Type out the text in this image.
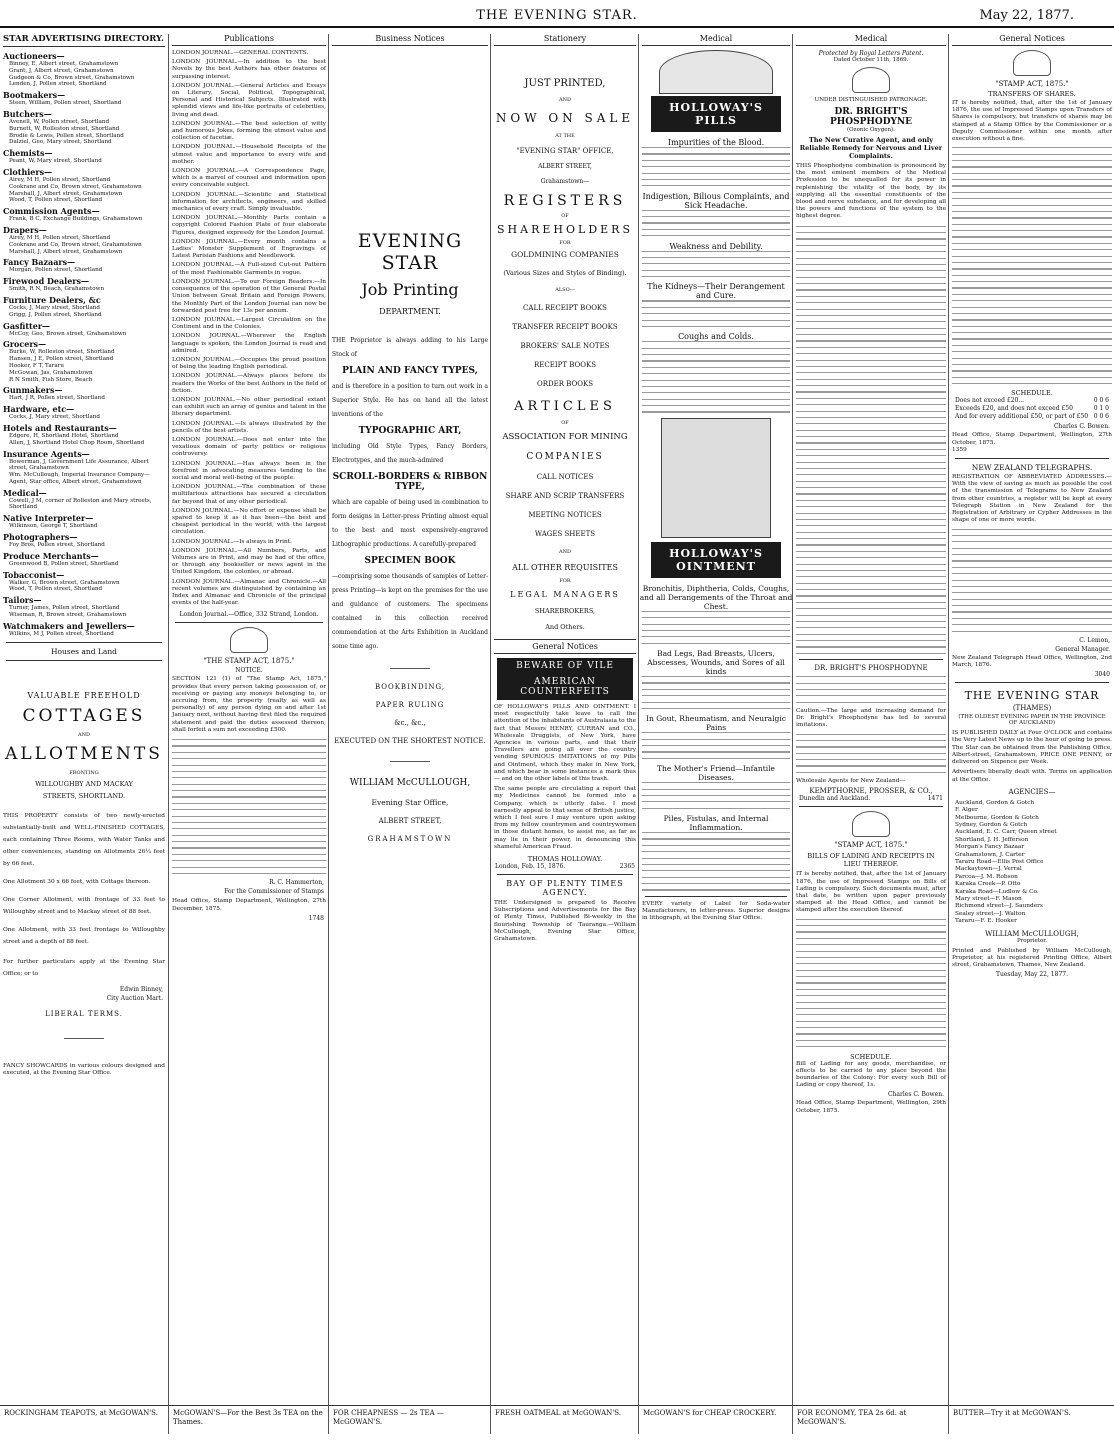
THE EVENING STAR.	May 22, 1877.
STAR ADVERTISING DIRECTORY.
Auctioneers—
Binney, E, Albert street, Grahamstown
Grant, J, Albert street, Grahamstown
Gudgeon & Co, Brown street, Grahamstown
Lenden, J, Pollen street, Shortland
Bootmakers—
Steen, William, Pollen street, Shortland
Butchers—
Avenell, W, Pollen street, Shortland
Burnett, W, Rolleston street, Shortland
Brodie & Lewis, Pollen street, Shortland
Dalziel, Geo, Mary street, Shortland
Chemists—
Peant, W, Mary street, Shortland
Clothiers—
Airey, M H, Pollen street, Shortland
Cookrane and Co, Brown street, Grahamstown
Marshall, J, Albert street, Grahamstown
Wood, T, Pollen street, Shortland
Commission Agents—
Frank, B C, Exchange Buildings, Grahamstown
Drapers—
Airey, M H, Pollen street, Shortland
Cookrane and Co, Brown street, Grahamstown
Marshall, J, Albert street, Grahamstown
Fancy Bazaars—
Morgan, Pollen street, Shortland
Firewood Dealers—
Smith, R N, Beach, Grahamstown
Furniture Dealers, &c
Cocks, J, Mary street, Shortland
Grigg, J, Pollen street, Shortland
Gasfitter—
McCoy, Geo, Brown street, Grahamstown
Grocers—
Burke, W, Rolleston street, Shortland
Hansen, J E, Pollen street, Shortland
Hooker, F T, Tararu
McGowan, Jas, Grahamstown
R N Smith, Fish Store, Beach
Gunmakers—
Hart, J R, Pollen street, Shortland
Hardware, etc—
Cocks, J, Mary street, Shortland
Hotels and Restaurants—
Edgere, H, Shortland Hotel, Shortland
Allen, J, Shortland Hotel Chop Room, Shortland
Insurance Agents—
Bowerman, J, Government Life Assurance, Albert street, Grahamstown
Wm. McCullough, Imperial Insurance Company—Agent, Star office, Albert street, Grahamstown
Medical—
Cowell, J M, corner of Rolleston and Mary streets, Shortland
Native Interpreter—
Wilkinson, George T, Shortland
Photographers—
Foy Bros, Pollen street, Shortland
Produce Merchants—
Greenwood B, Pollen street, Shortland
Tobacconist—
Walker, G, Brown street, Grahamstown
Wood, T, Pollen street, Shortland
Tailors—
Turner, James, Pollen street, Shortland
Wiseman, R, Brown street, Grahamstown
Watchmakers and Jewellers—
Wilkins, M J, Pollen street, Shortland
Houses and Land
VALUABLE FREEHOLD
COTTAGES
AND
ALLOTMENTS
FRONTING
WILLOUGHBY AND MACKAY
STREETS, SHORTLAND.
THIS PROPERTY consists of two newly-erected substantially-built and WELL-FINISHED COTTAGES, each containing Three Rooms, with Water Tanks and other conveniences, standing on Allotments 26¼ feet by 66 feet.
One Allotment 30 x 66 feet, with Cottage thereon.
One Corner Allotment, with frontage of 33 feet to Willoughby street and to Mackay street of 88 feet.
One Allotment, with 33 feet frontage to Willoughby street and a depth of 88 feet.
For further particulars apply at the Evening Star Office; or to
Edwin Binney,
City Auction Mart.
LIBERAL TERMS.
FANCY SHOWCARDS in various colours designed and executed, at the Evening Star Office.
ROCKINGHAM TEAPOTS, at McGOWAN'S.
Publications
LONDON JOURNAL.—GENERAL CONTENTS.
LONDON JOURNAL.—In addition to the best Novels by the best Authors has other features of surpassing interest.
LONDON JOURNAL.—General Articles and Essays on Literary, Social, Political, Topographical, Personal and Historical Subjects. Illustrated with splendid views and life-like portraits of celebrities, living and dead.
LONDON JOURNAL.—The best selection of witty and humorous Jokes, forming the utmost value and collection of facetiæ.
LONDON JOURNAL.—Household Receipts of the utmost value and importance to every wife and mother.
LONDON JOURNAL.—A Correspondence Page, which is a marvel of counsel and information upon every conceivable subject.
LONDON JOURNAL.—Scientific and Statistical information for architects, engineers, and skilled mechanics of every craft. Simply invaluable.
LONDON JOURNAL.—Monthly Parts contain a copyright Colored Fashion Plate of four elaborate Figures, designed expressly for the London Journal.
LONDON JOURNAL.—Every month contains a Ladies' Monster Supplement of Engravings of Latest Parisian Fashions and Needlework.
LONDON JOURNAL.—A Full-sized Cut-out Pattern of the most Fashionable Garments in vogue.
LONDON JOURNAL.—To our Foreign Readers.—In consequence of the operation of the General Postal Union between Great Britain and Foreign Powers, the Monthly Part of the London Journal can now be forwarded post free for 13s per annum.
LONDON JOURNAL.—Largest Circulation on the Continent and in the Colonies.
LONDON JOURNAL.—Wherever the English language is spoken, the London Journal is read and admired.
LONDON JOURNAL.—Occupies the proud position of being the leading English periodical.
LONDON JOURNAL.—Always places before its readers the Works of the best Authors in the field of fiction.
LONDON JOURNAL.—No other periodical extant can exhibit such an array of genius and talent in the literary department.
LONDON JOURNAL.—Is always illustrated by the pencils of the best artists.
LONDON JOURNAL.—Does not enter into the vexatious domain of party politics or religious controversy.
LONDON JOURNAL.—Has always been in the forefront in advocating measures tending to the social and moral well-being of the people.
LONDON JOURNAL.—The combination of these multifarious attractions has secured a circulation far beyond that of any other periodical.
LONDON JOURNAL.—No effort or expense shall be spared to keep it as it has been—the best and cheapest periodical in the world, with the largest circulation.
LONDON JOURNAL.—Is always in Print.
LONDON JOURNAL.—All Numbers, Parts, and Volumes are in Print, and may be had of the office, or through any bookseller or news agent in the United Kingdom, the colonies, or abroad.
LONDON JOURNAL.—Almanac and Chronicle.—All recent volumes are distinguished by containing an Index and Almanac and Chronicle of the principal events of the half-year.
London Journal.—Office, 332 Strand, London.
"THE STAMP ACT, 1875."
NOTICE.
SECTION 121 (1) of "The Stamp Act, 1875," provides that every person taking possession of, or receiving or paying any moneys belonging to, or accruing from, the property (realty as well as personalty) of any person dying on and after 1st January next, without having first filed the required statement and paid the duties assessed thereon, shall forfeit a sum not exceeding £500.
R. C. Hammerton,
For the Commissioner of Stamps
Head Office, Stamp Department, Wellington, 27th December, 1875.
1748
McGOWAN'S—For the Best 3s TEA on the Thames.
Business Notices
EVENING STAR
Job Printing
DEPARTMENT.
THE Proprietor is always adding to his Large Stock of
PLAIN AND FANCY TYPES,
and is therefore in a position to turn out work in a Superior Style. He has on hand all the latest inventions of the
TYPOGRAPHIC ART,
including Old Style Types, Fancy Borders, Electrotypes, and the much-admired
SCROLL-BORDERS & RIBBON TYPE,
which are capable of being used in combination to form designs in Letter-press Printing almost equal to the best and most expensively-engraved Lithographic productions. A carefully-prepared
SPECIMEN BOOK
—comprising some thousands of samples of Letter-press Printing—is kept on the premises for the use and guidance of customers. The specimens contained in this collection received commendation at the Arts Exhibition in Auckland some time ago.
BOOKBINDING,
PAPER RULING
&c., &c.,
EXECUTED ON THE SHORTEST NOTICE.
WILLIAM McCULLOUGH,
Evening Star Office,
ALBERT STREET,
GRAHAMSTOWN
FOR CHEAPNESS — 2s TEA — McGOWAN'S.
Stationery
JUST PRINTED,
AND
NOW ON SALE
AT THE
"EVENING STAR" OFFICE,
ALBERT STREET,
Grahamstown—
REGISTERS
OF
SHAREHOLDERS
FOR
GOLDMINING COMPANIES
(Various Sizes and Styles of Binding).
ALSO—
CALL RECEIPT BOOKS
TRANSFER RECEIPT BOOKS
BROKERS' SALE NOTES
RECEIPT BOOKS
ORDER BOOKS
ARTICLES
OF
ASSOCIATION FOR MINING
COMPANIES
CALL NOTICES
SHARE AND SCRIP TRANSFERS
MEETING NOTICES
WAGES SHEETS
AND
ALL OTHER REQUISITES
FOR
LEGAL MANAGERS
SHAREBROKERS,
And Others.
General Notices
BEWARE OF VILE
AMERICAN COUNTERFEITS
OF HOLLOWAY'S PILLS AND OINTMENT. I most respectfully take leave to call the attention of the inhabitants of Australasia to the fact that Messrs HENRY, CURRAN and CO., Wholesale Druggists, of New York, have Agencies in various parts, and that their Travellers are going all over the country vending SPURIOUS IMITATIONS of my Pills and Ointment, which they make in New York, and which bear in some instances a mark thus — and on the other labels of this trash.
The same people are circulating a report that my Medicines cannot be formed into a Company, which is utterly false. I most earnestly appeal to that sense of British justice, which I feel sure I may venture upon asking from my fellow countrymen and countrywomen in those distant homes, to assist me, as far as may lie in their power, in denouncing this shameful American Fraud.
THOMAS HOLLOWAY.
London, Feb. 15, 1876.	2365
BAY OF PLENTY TIMES AGENCY.
THE Undersigned is prepared to Receive Subscriptions and Advertisements for the Bay of Plenty Times, Published Bi-weekly in the flourishing Township of Tauranga.—William McCullough, Evening Star Office, Grahamstown.
FRESH OATMEAL at McGOWAN'S.
Medical
HOLLOWAY'S PILLS
Impurities of the Blood.
Indigestion, Bilious Complaints, and Sick Headache.
Weakness and Debility.
The Kidneys—Their Derangement and Cure.
Coughs and Colds.
HOLLOWAY'S OINTMENT
Bronchitis, Diphtheria, Colds, Coughs, and all Derangements of the Throat and Chest.
Bad Legs, Bad Breasts, Ulcers, Abscesses, Wounds, and Sores of all kinds
In Gout, Rheumatism, and Neuralgic Pains
The Mother's Friend—Infantile Diseases.
Piles, Fistulas, and Internal Inflammation.
EVERY variety of Label for Soda-water Manufacturers, in letter-press. Superior designs in lithograph, at the Evening Star Office.
McGOWAN'S for CHEAP CROCKERY.
Medical
Protected by Royal Letters Patent.
Dated October 11th, 1869.
UNDER DISTINGUISHED PATRONAGE.
DR. BRIGHT'S PHOSPHODYNE
(Ozonic Oxygen).
The New Curative Agent, and only Reliable Remedy for Nervous and Liver Complaints.
THIS Phosphodyne combination is pronounced by the most eminent members of the Medical Profession to be unequalled for its power in replenishing the vitality of the body, by its supplying all the essential constituents of the blood and nerve substance, and for developing all the powers and functions of the system to the highest degree.
DR. BRIGHT'S PHOSPHODYNE
Caution.—The large and increasing demand for Dr. Bright's Phosphodyne has led to several imitations.
Wholesale Agents for New Zealand—
KEMPTHORNE, PROSSER, & CO.,
Dunedin and Auckland.	1471
"STAMP ACT, 1875."
BILLS OF LADING AND RECEIPTS IN LIEU THEREOF.
IT is hereby notified, that, after the 1st of January 1876, the use of Impressed Stamps on Bills of Lading is compulsory. Such documents must, after that date, be written upon paper previously stamped at the Head Office, and cannot be stamped after the execution thereof.
SCHEDULE.
Bill of Lading for any goods, merchandise, or effects to be carried to any place beyond the boundaries of the Colony: For every such Bill of Lading or copy thereof, 1s.
Charles C. Bowen.
Head Office, Stamp Department, Wellington, 29th October, 1875.
FOR ECONOMY, TEA 2s 6d. at McGOWAN'S.
General Notices
"STAMP ACT, 1875."
TRANSFERS OF SHARES.
IT is hereby notified, that, after the 1st of January 1876, the use of Impressed Stamps upon Transfers of Shares is compulsory, but transfers of shares may be stamped at a Stamp Office by the Commissioner or a Deputy Commissioner within one month after execution without a fine.
SCHEDULE.
Does not exceed £20...	0 0 6
Exceeds £20, and does not exceed £50	0 1 0
And for every additional £50, or part of £50 0 0 6
Charles C. Bowen.
Head Office, Stamp Department, Wellington, 27th October, 1875.
1359
NEW ZEALAND TELEGRAPHS.
REGISTRATION OF ABBREVIATED ADDRESSES.—With the view of saving as much as possible the cost of the transmission of Telegrams to New Zealand from other countries, a register will be kept at every Telegraph Station in New Zealand for the Registration of Arbitrary or Cypher Addresses in the shape of one or more words.
C. Lemon,
General Manager.
New Zealand Telegraph Head Office, Wellington, 2nd March, 1876.
3040
THE EVENING STAR
(THAMES)
(THE OLDEST EVENING PAPER IN THE PROVINCE OF AUCKLAND)
IS PUBLISHED DAILY at Four O'CLOCK and contains the Very Latest News up to the hour of going to press. The Star can be obtained from the Publishing Office, Albert-street, Grahamstown, PRICE ONE PENNY, or delivered on Sixpence per Week.
Advertisers liberally dealt with. Terms on application at the Office.
AGENCIES—
Auckland, Gordon & Gotch
F. Alger
Melbourne, Gordon & Gotch
Sydney, Gordon & Gotch
Auckland, E. C. Carr, Queen street
Shortland, J. H. Jefferson
Morgan's Fancy Bazaar
Grahamstown, J. Carter
Tararu Road—Ellis Post Office
Mackaytown—J. Verral
Parcoa—J. M. Robson
Karaka Creek—P. Otto
Karaka Road—Ludlow & Co.
Mary street—F. Mason
Richmond street—J. Saunders
Sealey street—J. Walton
Tararu—F. E. Hooker
WILLIAM McCULLOUGH,
Proprietor.
Printed and Published by William McCullough, Proprietor, at his registered Printing Office, Albert street, Grahamstown, Thames, New Zealand.
Tuesday, May 22, 1877.
BUTTER—Try it at McGOWAN'S.
